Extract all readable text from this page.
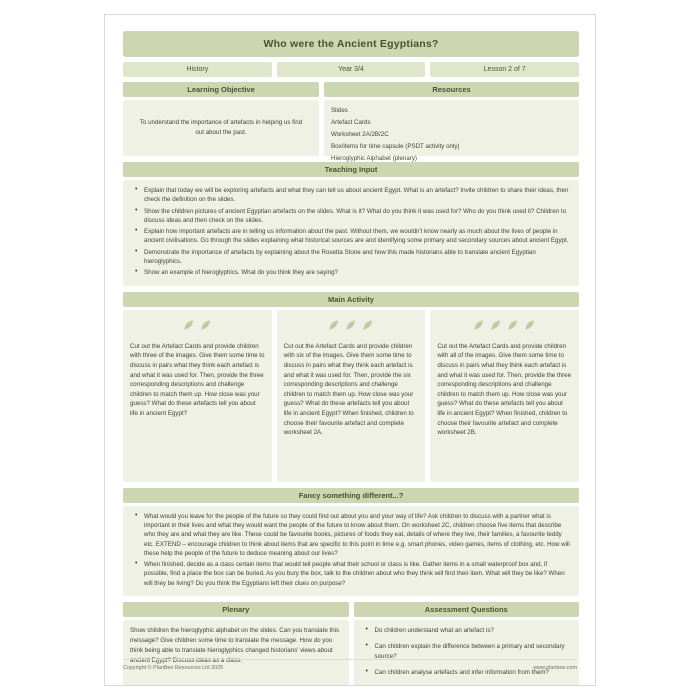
Who were the Ancient Egyptians?
History	Year 3/4	Lesson 2 of 7
Learning Objective
To understand the importance of artefacts in helping us find out about the past.
Resources
Slides
Artefact Cards
Worksheet 2A/2B/2C
Box/items for time capsule (PSDT activity only)
Hieroglyphic Alphabet (plenary)
Teaching Input
• Explain that today we will be exploring artefacts and what they can tell us about ancient Egypt. What is an artefact? Invite children to share their ideas, then check the definition on the slides.
• Show the children pictures of ancient Egyptian artefacts on the slides. What is it? What do you think it was used for? Who do you think used it? Children to discuss ideas and then check on the slides.
• Explain how important artefacts are in telling us information about the past. Without them, we wouldn't know nearly as much about the lives of people in ancient civilisations. Go through the slides explaining what historical sources are and identifying some primary and secondary sources about ancient Egypt.
• Demonstrate the importance of artefacts by explaining about the Rosetta Stone and how this made historians able to translate ancient Egyptian hieroglyphics.
• Show an example of hieroglyphics. What do you think they are saying?
Main Activity
Cut out the Artefact Cards and provide children with three of the images. Give them some time to discuss in pairs what they think each artefact is and what it was used for. Then, provide the three corresponding descriptions and challenge children to match them up. How close was your guess? What do these artefacts tell you about life in ancient Egypt?
Cut out the Artefact Cards and provide children with six of the images. Give them some time to discuss in pairs what they think each artefact is and what it was used for. Then, provide the six corresponding descriptions and challenge children to match them up. How close was your guess? What do these artefacts tell you about life in ancient Egypt? When finished, children to choose their favourite artefact and complete worksheet 2A.
Cut out the Artefact Cards and provide children with all of the images. Give them some time to discuss in pairs what they think each artefact is and what it was used for. Then, provide the three corresponding descriptions and challenge children to match them up. How close was your guess? What do these artefacts tell you about life in ancient Egypt? When finished, children to choose their favourite artefact and complete worksheet 2B.
Fancy something different...?
• What would you leave for the people of the future so they could find out about you and your way of life? Ask children to discuss with a partner what is important in their lives and what they would want the people of the future to know about them. On worksheet 2C, children choose five items that describe who they are and what they are like. These could be favourite books, pictures of foods they eat, details of where they live, their families, a favourite teddy etc. EXTEND – encourage children to think about items that are specific to this point in time e.g. smart phones, video games, items of clothing, etc. How will these help the people of the future to deduce meaning about our lives?
• When finished, decide as a class certain items that would tell people what their school or class is like. Gather items in a small waterproof box and, if possible, find a place the box can be buried. As you bury the box, talk to the children about who they think will find their item. What will they be like? When will they be living? Do you think the Egyptians left their clues on purpose?
Plenary
Show children the hieroglyphic alphabet on the slides. Can you translate this message? Give children some time to translate the message. How do you think being able to translate hieroglyphics changed historians' views about ancient Egypt? Discuss ideas as a class.
Assessment Questions
• Do children understand what an artefact is?
• Can children explain the difference between a primary and secondary source?
• Can children analyse artefacts and infer information from them?
Copyright © PlanBee Resources Ltd 2025	www.planbee.com
